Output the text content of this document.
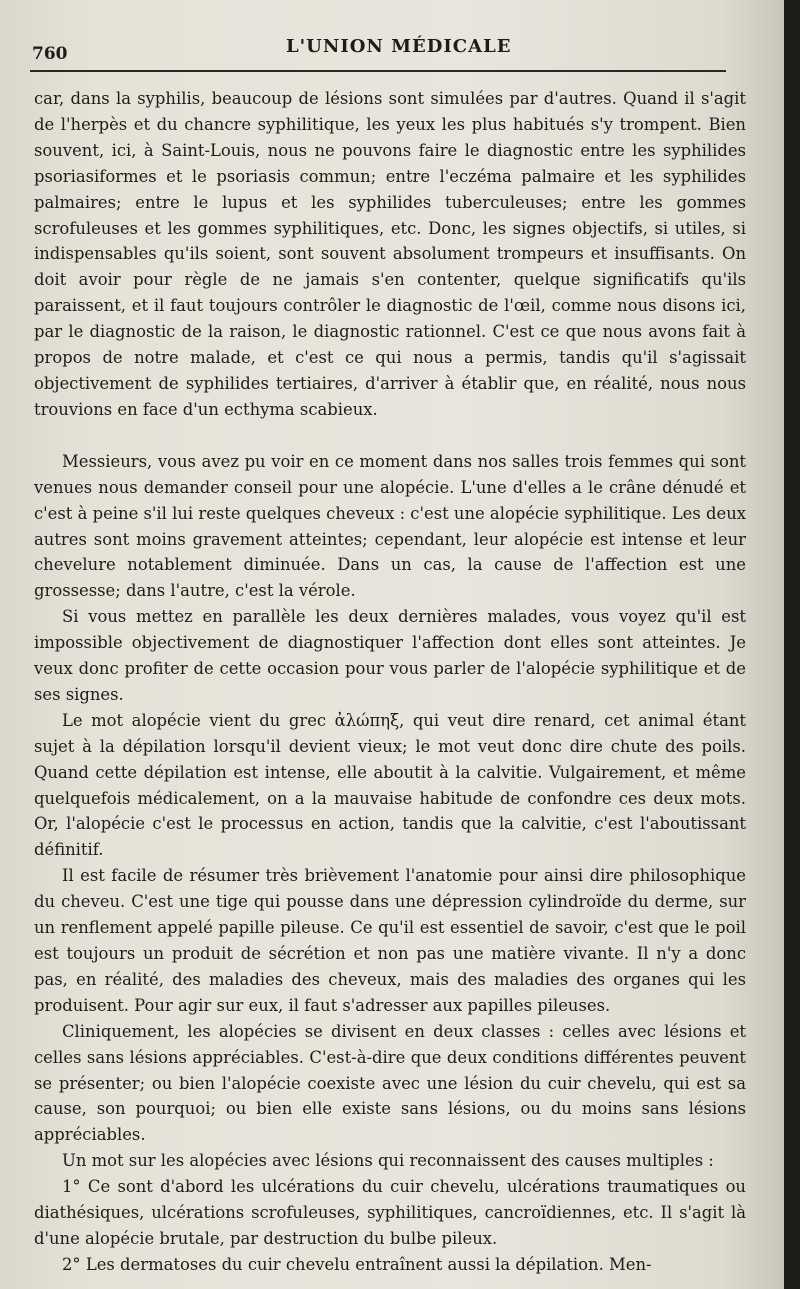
760	L'UNION MÉDICALE

car, dans la syphilis, beaucoup de lésions sont simulées par d'autres. Quand il s'agit de l'herpès et du chancre syphilitique, les yeux les plus habitués s'y trompent. Bien souvent, ici, à Saint-Louis, nous ne pouvons faire le diagnostic entre les syphilides psoriasiformes et le psoriasis commun; entre l'eczéma palmaire et les syphilides palmaires; entre le lupus et les syphilides tuberculeuses; entre les gommes scrofuleuses et les gommes syphilitiques, etc. Donc, les signes objectifs, si utiles, si indispensables qu'ils soient, sont souvent absolument trompeurs et insuffisants. On doit avoir pour règle de ne jamais s'en contenter, quelque significatifs qu'ils paraissent, et il faut toujours contrôler le diagnostic de l'œil, comme nous disons ici, par le diagnostic de la raison, le diagnostic rationnel. C'est ce que nous avons fait à propos de notre malade, et c'est ce qui nous a permis, tandis qu'il s'agissait objectivement de syphilides tertiaires, d'arriver à établir que, en réalité, nous nous trouvions en face d'un ecthyma scabieux.

Messieurs, vous avez pu voir en ce moment dans nos salles trois femmes qui sont venues nous demander conseil pour une alopécie. L'une d'elles a le crâne dénudé et c'est à peine s'il lui reste quelques cheveux : c'est une alopécie syphilitique. Les deux autres sont moins gravement atteintes; cependant, leur alopécie est intense et leur chevelure notablement diminuée. Dans un cas, la cause de l'affection est une grossesse; dans l'autre, c'est la vérole.

Si vous mettez en parallèle les deux dernières malades, vous voyez qu'il est impossible objectivement de diagnostiquer l'affection dont elles sont atteintes. Je veux donc profiter de cette occasion pour vous parler de l'alopécie syphilitique et de ses signes.

Le mot alopécie vient du grec ἀλώπηξ, qui veut dire renard, cet animal étant sujet à la dépilation lorsqu'il devient vieux; le mot veut donc dire chute des poils. Quand cette dépilation est intense, elle aboutit à la calvitie. Vulgairement, et même quelquefois médicalement, on a la mauvaise habitude de confondre ces deux mots. Or, l'alopécie c'est le processus en action, tandis que la calvitie, c'est l'aboutissant définitif.

Il est facile de résumer très brièvement l'anatomie pour ainsi dire philosophique du cheveu. C'est une tige qui pousse dans une dépression cylindroïde du derme, sur un renflement appelé papille pileuse. Ce qu'il est essentiel de savoir, c'est que le poil est toujours un produit de sécrétion et non pas une matière vivante. Il n'y a donc pas, en réalité, des maladies des cheveux, mais des maladies des organes qui les produisent. Pour agir sur eux, il faut s'adresser aux papilles pileuses.

Cliniquement, les alopécies se divisent en deux classes : celles avec lésions et celles sans lésions appréciables. C'est-à-dire que deux conditions différentes peuvent se présenter; ou bien l'alopécie coexiste avec une lésion du cuir chevelu, qui est sa cause, son pourquoi; ou bien elle existe sans lésions, ou du moins sans lésions appréciables.

Un mot sur les alopécies avec lésions qui reconnaissent des causes multiples :

1° Ce sont d'abord les ulcérations du cuir chevelu, ulcérations traumatiques ou diathésiques, ulcérations scrofuleuses, syphilitiques, cancroïdiennes, etc. Il s'agit là d'une alopécie brutale, par destruction du bulbe pileux.

2° Les dermatoses du cuir chevelu entraînent aussi la dépilation. Men-
